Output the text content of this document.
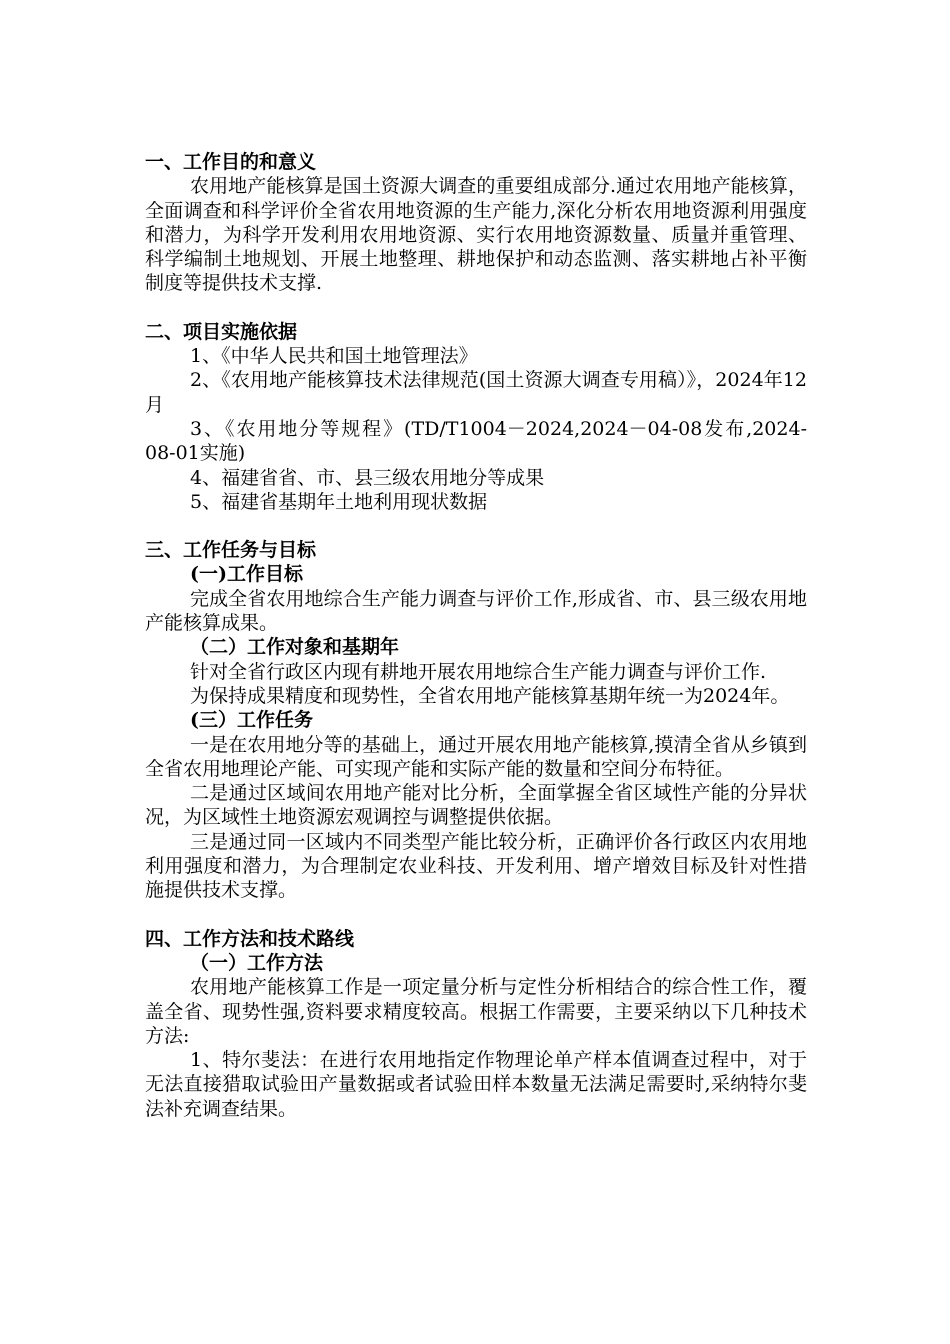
一、工作目的和意义

农用地产能核算是国土资源大调查的重要组成部分.通过农用地产能核算，全面调查和科学评价全省农用地资源的生产能力,深化分析农用地资源利用强度和潜力，为科学开发利用农用地资源、实行农用地资源数量、质量并重管理、科学编制土地规划、开展土地整理、耕地保护和动态监测、落实耕地占补平衡制度等提供技术支撑.

二、项目实施依据

1、《中华人民共和国土地管理法》

2、《农用地产能核算技术法律规范(国土资源大调查专用稿）》，2024年12月

3、《农用地分等规程》(TD/T1004－2024,2024－04-08发布,2024-08-01实施)

4、福建省省、市、县三级农用地分等成果

5、福建省基期年土地利用现状数据

三、工作任务与目标

(一)工作目标

完成全省农用地综合生产能力调查与评价工作,形成省、市、县三级农用地产能核算成果。

（二）工作对象和基期年

针对全省行政区内现有耕地开展农用地综合生产能力调查与评价工作.

为保持成果精度和现势性，全省农用地产能核算基期年统一为2024年。

(三）工作任务

一是在农用地分等的基础上，通过开展农用地产能核算,摸清全省从乡镇到全省农用地理论产能、可实现产能和实际产能的数量和空间分布特征。

二是通过区域间农用地产能对比分析，全面掌握全省区域性产能的分异状况，为区域性土地资源宏观调控与调整提供依据。

三是通过同一区域内不同类型产能比较分析，正确评价各行政区内农用地利用强度和潜力，为合理制定农业科技、开发利用、增产增效目标及针对性措施提供技术支撑。

四、工作方法和技术路线

（一）工作方法

农用地产能核算工作是一项定量分析与定性分析相结合的综合性工作，覆盖全省、现势性强,资料要求精度较高。根据工作需要，主要采纳以下几种技术方法:

1、特尔斐法：在进行农用地指定作物理论单产样本值调查过程中，对于无法直接猎取试验田产量数据或者试验田样本数量无法满足需要时,采纳特尔斐法补充调查结果。
